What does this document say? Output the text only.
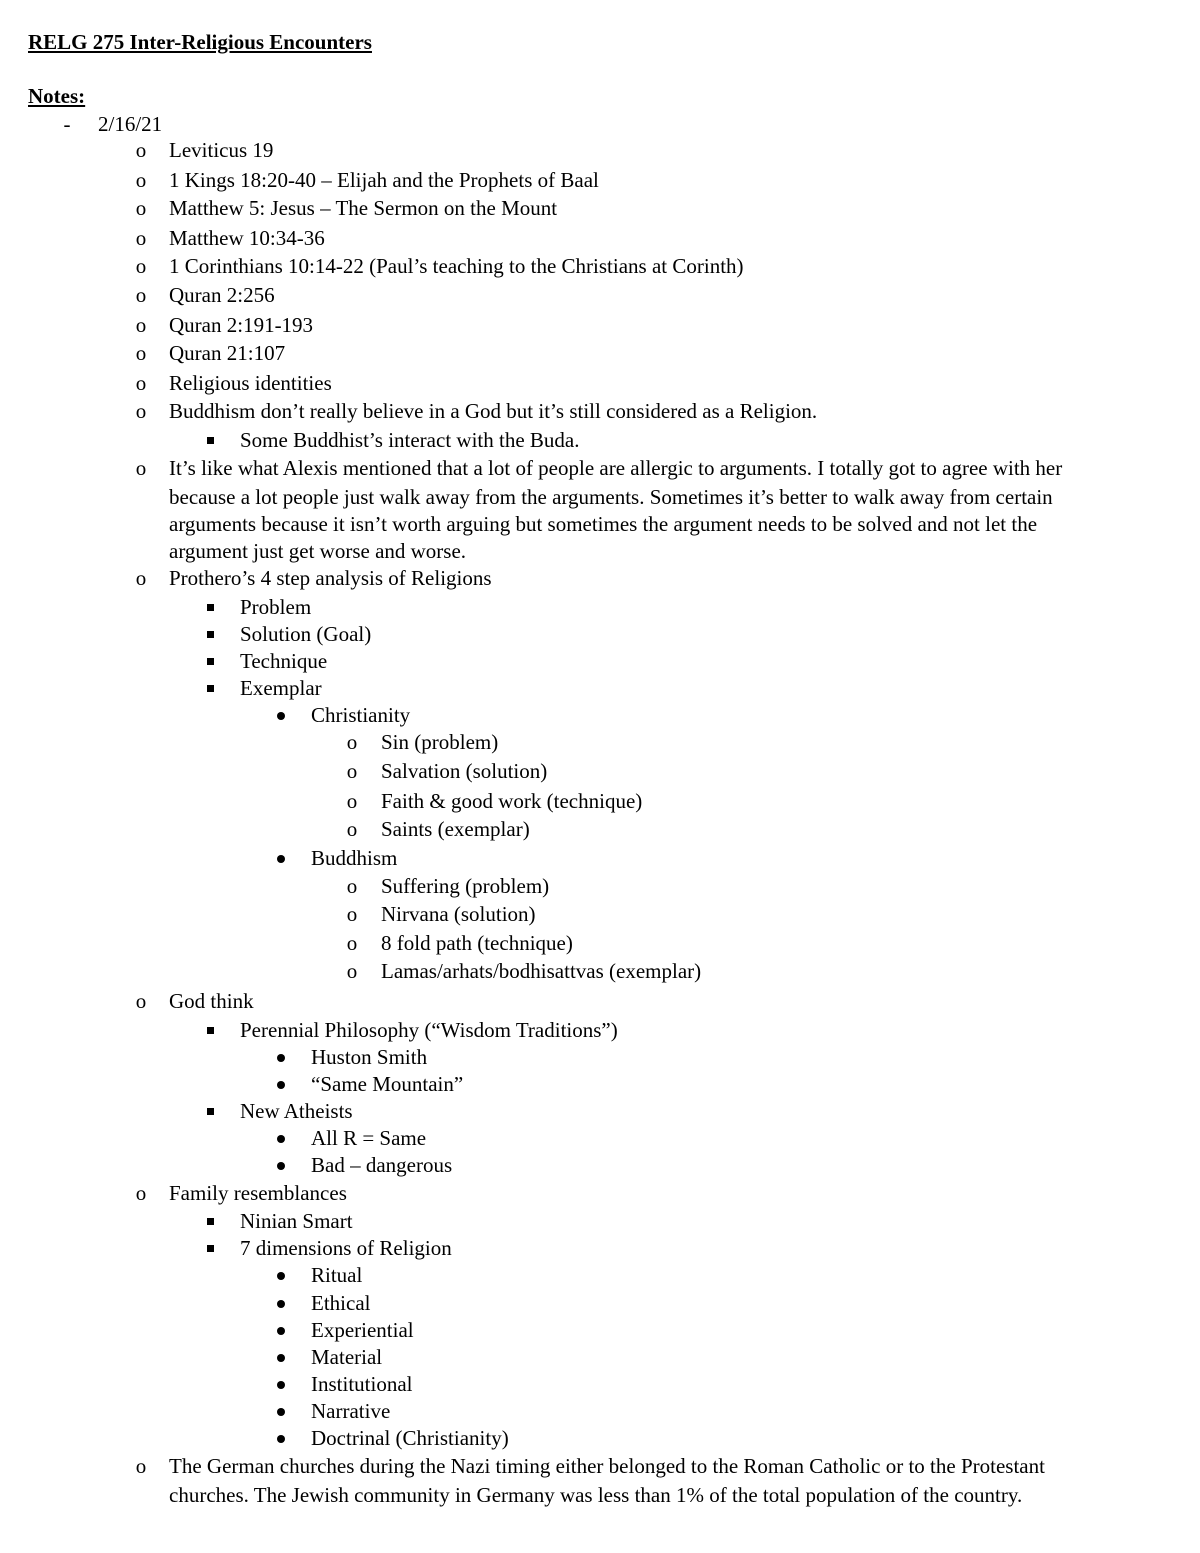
RELG 275 Inter-Religious Encounters
Notes:
-	2/16/21
o Leviticus 19
o 1 Kings 18:20-40 – Elijah and the Prophets of Baal
o Matthew 5: Jesus – The Sermon on the Mount
o Matthew 10:34-36
o 1 Corinthians 10:14-22 (Paul’s teaching to the Christians at Corinth)
o Quran 2:256
o Quran 2:191-193
o Quran 21:107
o Religious identities
o Buddhism don’t really believe in a God but it’s still considered as a Religion.
Some Buddhist’s interact with the Buda.
o It’s like what Alexis mentioned that a lot of people are allergic to arguments. I totally got to agree with her
because a lot people just walk away from the arguments. Sometimes it’s better to walk away from certain
arguments because it isn’t worth arguing but sometimes the argument needs to be solved and not let the
argument just get worse and worse.
o Prothero’s 4 step analysis of Religions
Problem
Solution (Goal)
Technique
Exemplar
Christianity
o Sin (problem)
o Salvation (solution)
o Faith & good work (technique)
o Saints (exemplar)
Buddhism
o Suffering (problem)
o Nirvana (solution)
o 8 fold path (technique)
o Lamas/arhats/bodhisattvas (exemplar)
o God think
Perennial Philosophy (“Wisdom Traditions”)
Huston Smith
“Same Mountain”
New Atheists
All R = Same
Bad – dangerous
o Family resemblances
Ninian Smart
7 dimensions of Religion
Ritual
Ethical
Experiential
Material
Institutional
Narrative
Doctrinal (Christianity)
o The German churches during the Nazi timing either belonged to the Roman Catholic or to the Protestant
churches. The Jewish community in Germany was less than 1% of the total population of the country.
